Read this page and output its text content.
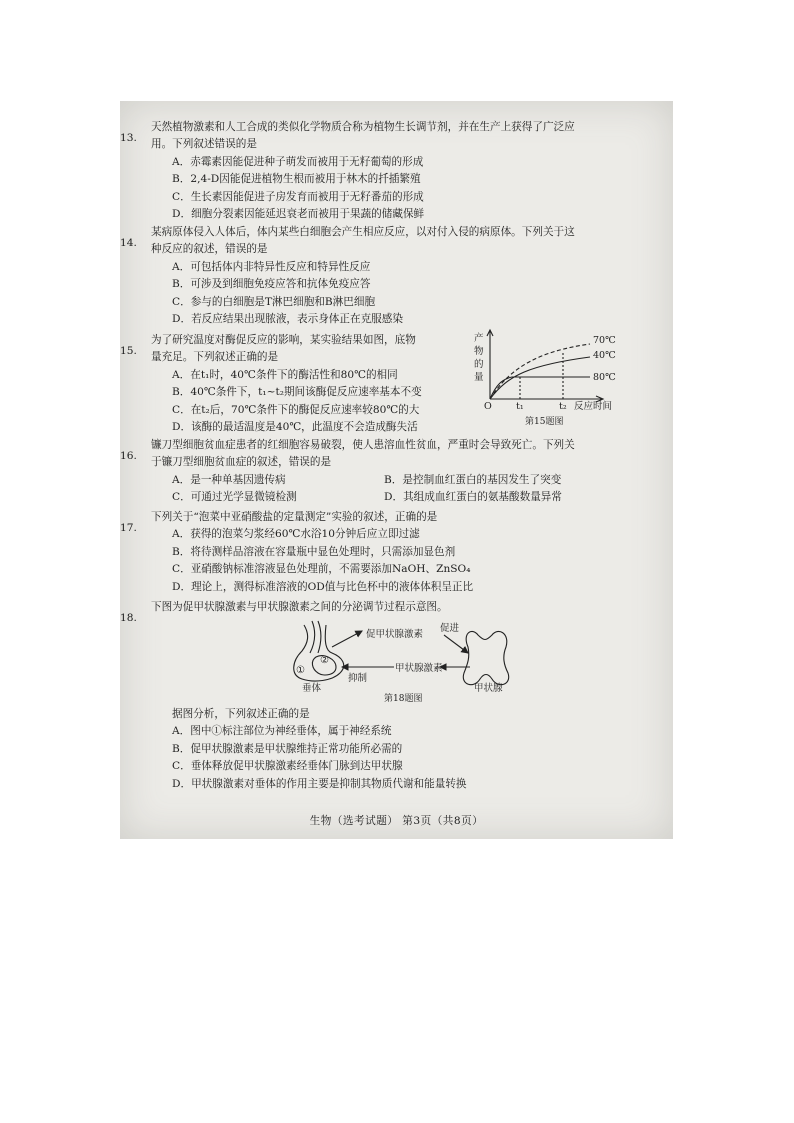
13.
天然植物激素和人工合成的类似化学物质合称为植物生长调节剂，并在生产上获得了广泛应

用。下列叙述错误的是

A．赤霉素因能促进种子萌发而被用于无籽葡萄的形成

B．2,4-D因能促进植物生根而被用于林木的扦插繁殖

C．生长素因能促进子房发育而被用于无籽番茄的形成

D．细胞分裂素因能延迟衰老而被用于果蔬的储藏保鲜

14.
某病原体侵入人体后，体内某些白细胞会产生相应反应，以对付入侵的病原体。下列关于这

种反应的叙述，错误的是

A．可包括体内非特异性反应和特异性反应

B．可涉及到细胞免疫应答和抗体免疫应答

C．参与的白细胞是T淋巴细胞和B淋巴细胞

D．若反应结果出现脓液，表示身体正在克服感染

15.
为了研究温度对酶促反应的影响，某实验结果如图，底物

量充足。下列叙述正确的是

A．在t₁时，40℃条件下的酶活性和80℃的相同

B．40℃条件下，t₁~t₂期间该酶促反应速率基本不变

C．在t₂后，70℃条件下的酶促反应速率较80℃的大

D．该酶的最适温度是40℃，此温度不会造成酶失活

产
物
的
量
O	t₁	t₂ 反应时间
70℃
40℃
80℃
第15题图

16.
镰刀型细胞贫血症患者的红细胞容易破裂，使人患溶血性贫血，严重时会导致死亡。下列关

于镰刀型细胞贫血症的叙述，错误的是

A．是一种单基因遗传病	B．是控制血红蛋白的基因发生了突变

C．可通过光学显微镜检测	D．其组成血红蛋白的氨基酸数量异常

17.
下列关于“泡菜中亚硝酸盐的定量测定”实验的叙述，正确的是

A．获得的泡菜匀浆经60℃水浴10分钟后应立即过滤

B．将待测样品溶液在容量瓶中显色处理时，只需添加显色剂

C．亚硝酸钠标准溶液显色处理前，不需要添加NaOH、ZnSO₄

D．理论上，测得标准溶液的OD值与比色杯中的液体体积呈正比

18.
下图为促甲状腺激素与甲状腺激素之间的分泌调节过程示意图。

促甲状腺激素
促进
甲状腺激素
抑制
垂体	甲状腺
①
②
第18题图

据图分析，下列叙述正确的是

A．图中①标注部位为神经垂体，属于神经系统

B．促甲状腺激素是甲状腺维持正常功能所必需的

C．垂体释放促甲状腺激素经垂体门脉到达甲状腺

D．甲状腺激素对垂体的作用主要是抑制其物质代谢和能量转换

生物（选考试题） 第3页（共8页）
